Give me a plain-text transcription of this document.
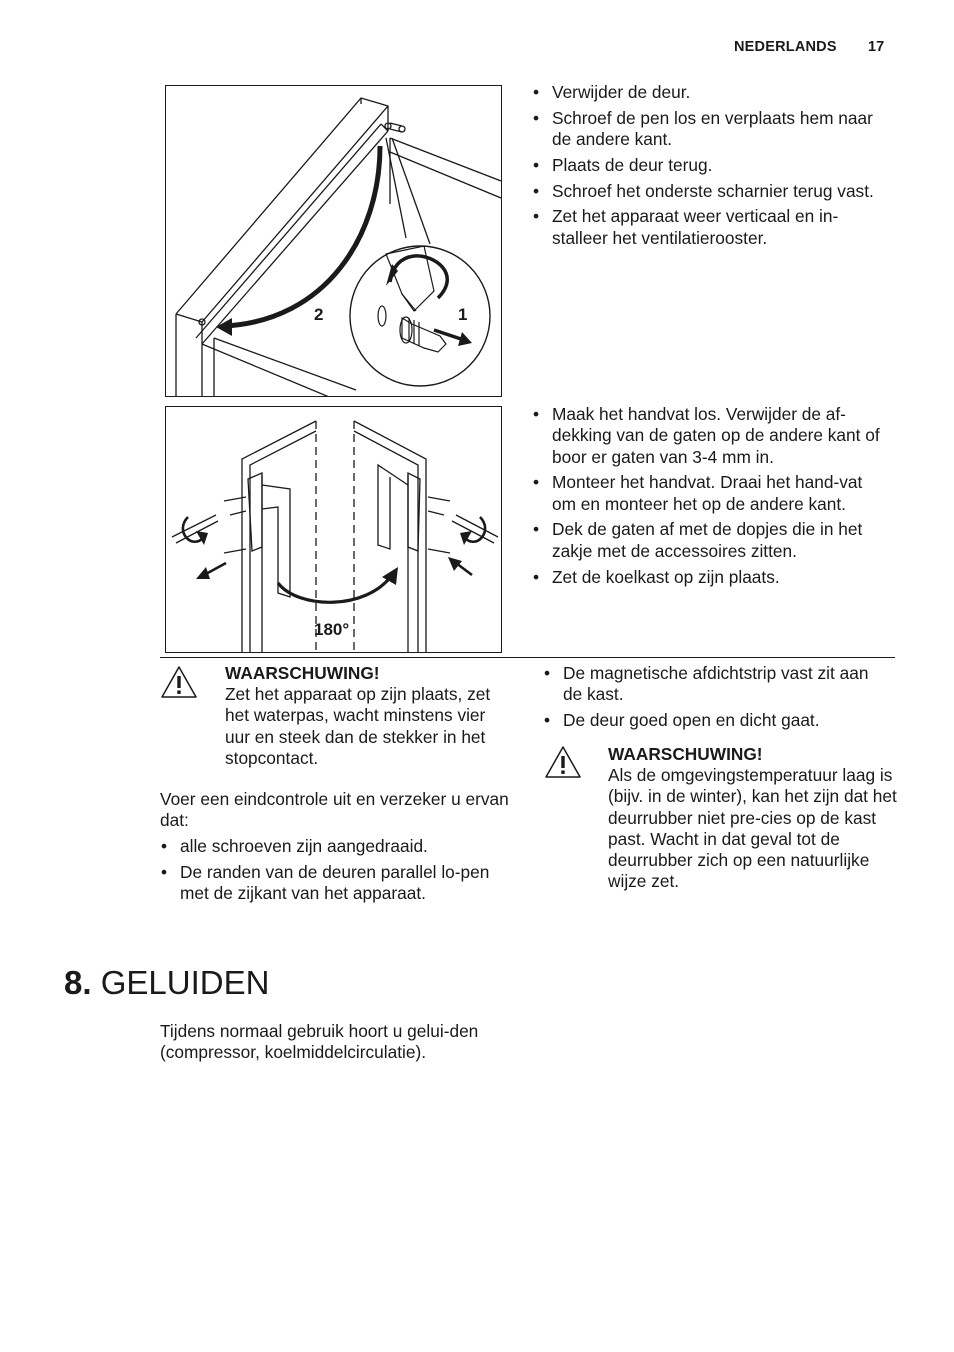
NEDERLANDS 17
2	1
• Verwijder de deur.
• Schroef de pen los en verplaats hem naar de andere kant.
• Plaats de deur terug.
• Schroef het onderste scharnier terug vast.
• Zet het apparaat weer verticaal en in-stalleer het ventilatierooster.
180°
• Maak het handvat los. Verwijder de af-dekking van de gaten op de andere kant of boor er gaten van 3-4 mm in.
• Monteer het handvat. Draai het hand-vat om en monteer het op de andere kant.
• Dek de gaten af met de dopjes die in het zakje met de accessoires zitten.
• Zet de koelkast op zijn plaats.
WAARSCHUWING!
Zet het apparaat op zijn plaats, zet het waterpas, wacht minstens vier uur en steek dan de stekker in het stopcontact.
Voer een eindcontrole uit en verzeker u ervan dat:
• alle schroeven zijn aangedraaid.
• De randen van de deuren parallel lo-pen met de zijkant van het apparaat.
• De magnetische afdichtstrip vast zit aan de kast.
• De deur goed open en dicht gaat.
WAARSCHUWING!
Als de omgevingstemperatuur laag is (bijv. in de winter), kan het zijn dat het deurrubber niet pre-cies op de kast past. Wacht in dat geval tot de deurrubber zich op een natuurlijke wijze zet.
8. GELUIDEN
Tijdens normaal gebruik hoort u gelui-den (compressor, koelmiddelcirculatie).
